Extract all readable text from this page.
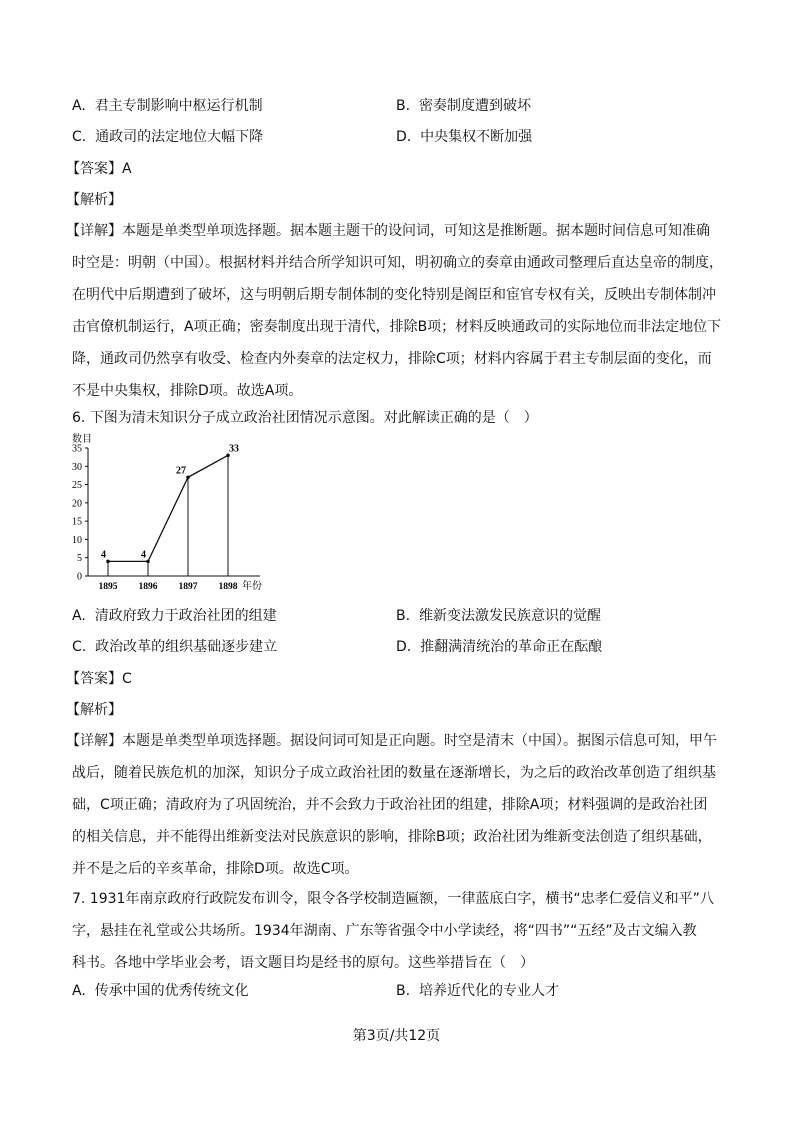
A. 君主专制影响中枢运行机制	B. 密奏制度遭到破坏
C. 通政司的法定地位大幅下降	D. 中央集权不断加强
【答案】A
【解析】
【详解】本题是单类型单项选择题。据本题主题干的设问词，可知这是推断题。据本题时间信息可知准确
时空是：明朝（中国）。根据材料并结合所学知识可知，明初确立的奏章由通政司整理后直达皇帝的制度，
在明代中后期遭到了破坏，这与明朝后期专制体制的变化特别是阁臣和宦官专权有关，反映出专制体制冲
击官僚机制运行，A项正确；密奏制度出现于清代，排除B项；材料反映通政司的实际地位而非法定地位下
降，通政司仍然享有收受、检查内外奏章的法定权力，排除C项；材料内容属于君主专制层面的变化，而
不是中央集权，排除D项。故选A项。
6. 下图为清末知识分子成立政治社团情况示意图。对此解读正确的是（　）
数目
0
5
10
15
20
25
30
35
1895 1896 1897 1898
4	4
27
33
年份
A. 清政府致力于政治社团的组建	B. 维新变法激发民族意识的觉醒
C. 政治改革的组织基础逐步建立	D. 推翻满清统治的革命正在酝酿
【答案】C
【解析】
【详解】本题是单类型单项选择题。据设问词可知是正向题。时空是清末（中国）。据图示信息可知，甲午
战后，随着民族危机的加深，知识分子成立政治社团的数量在逐渐增长，为之后的政治改革创造了组织基
础，C项正确；清政府为了巩固统治，并不会致力于政治社团的组建，排除A项；材料强调的是政治社团
的相关信息，并不能得出维新变法对民族意识的影响，排除B项；政治社团为维新变法创造了组织基础，
并不是之后的辛亥革命，排除D项。故选C项。
7. 1931年南京政府行政院发布训令，限令各学校制造匾额，一律蓝底白字，横书“忠孝仁爱信义和平”八
字，悬挂在礼堂或公共场所。1934年湖南、广东等省强令中小学读经，将“四书”“五经”及古文编入教
科书。各地中学毕业会考，语文题目均是经书的原句。这些举措旨在（　）
A. 传承中国的优秀传统文化	B. 培养近代化的专业人才
第3页/共12页
